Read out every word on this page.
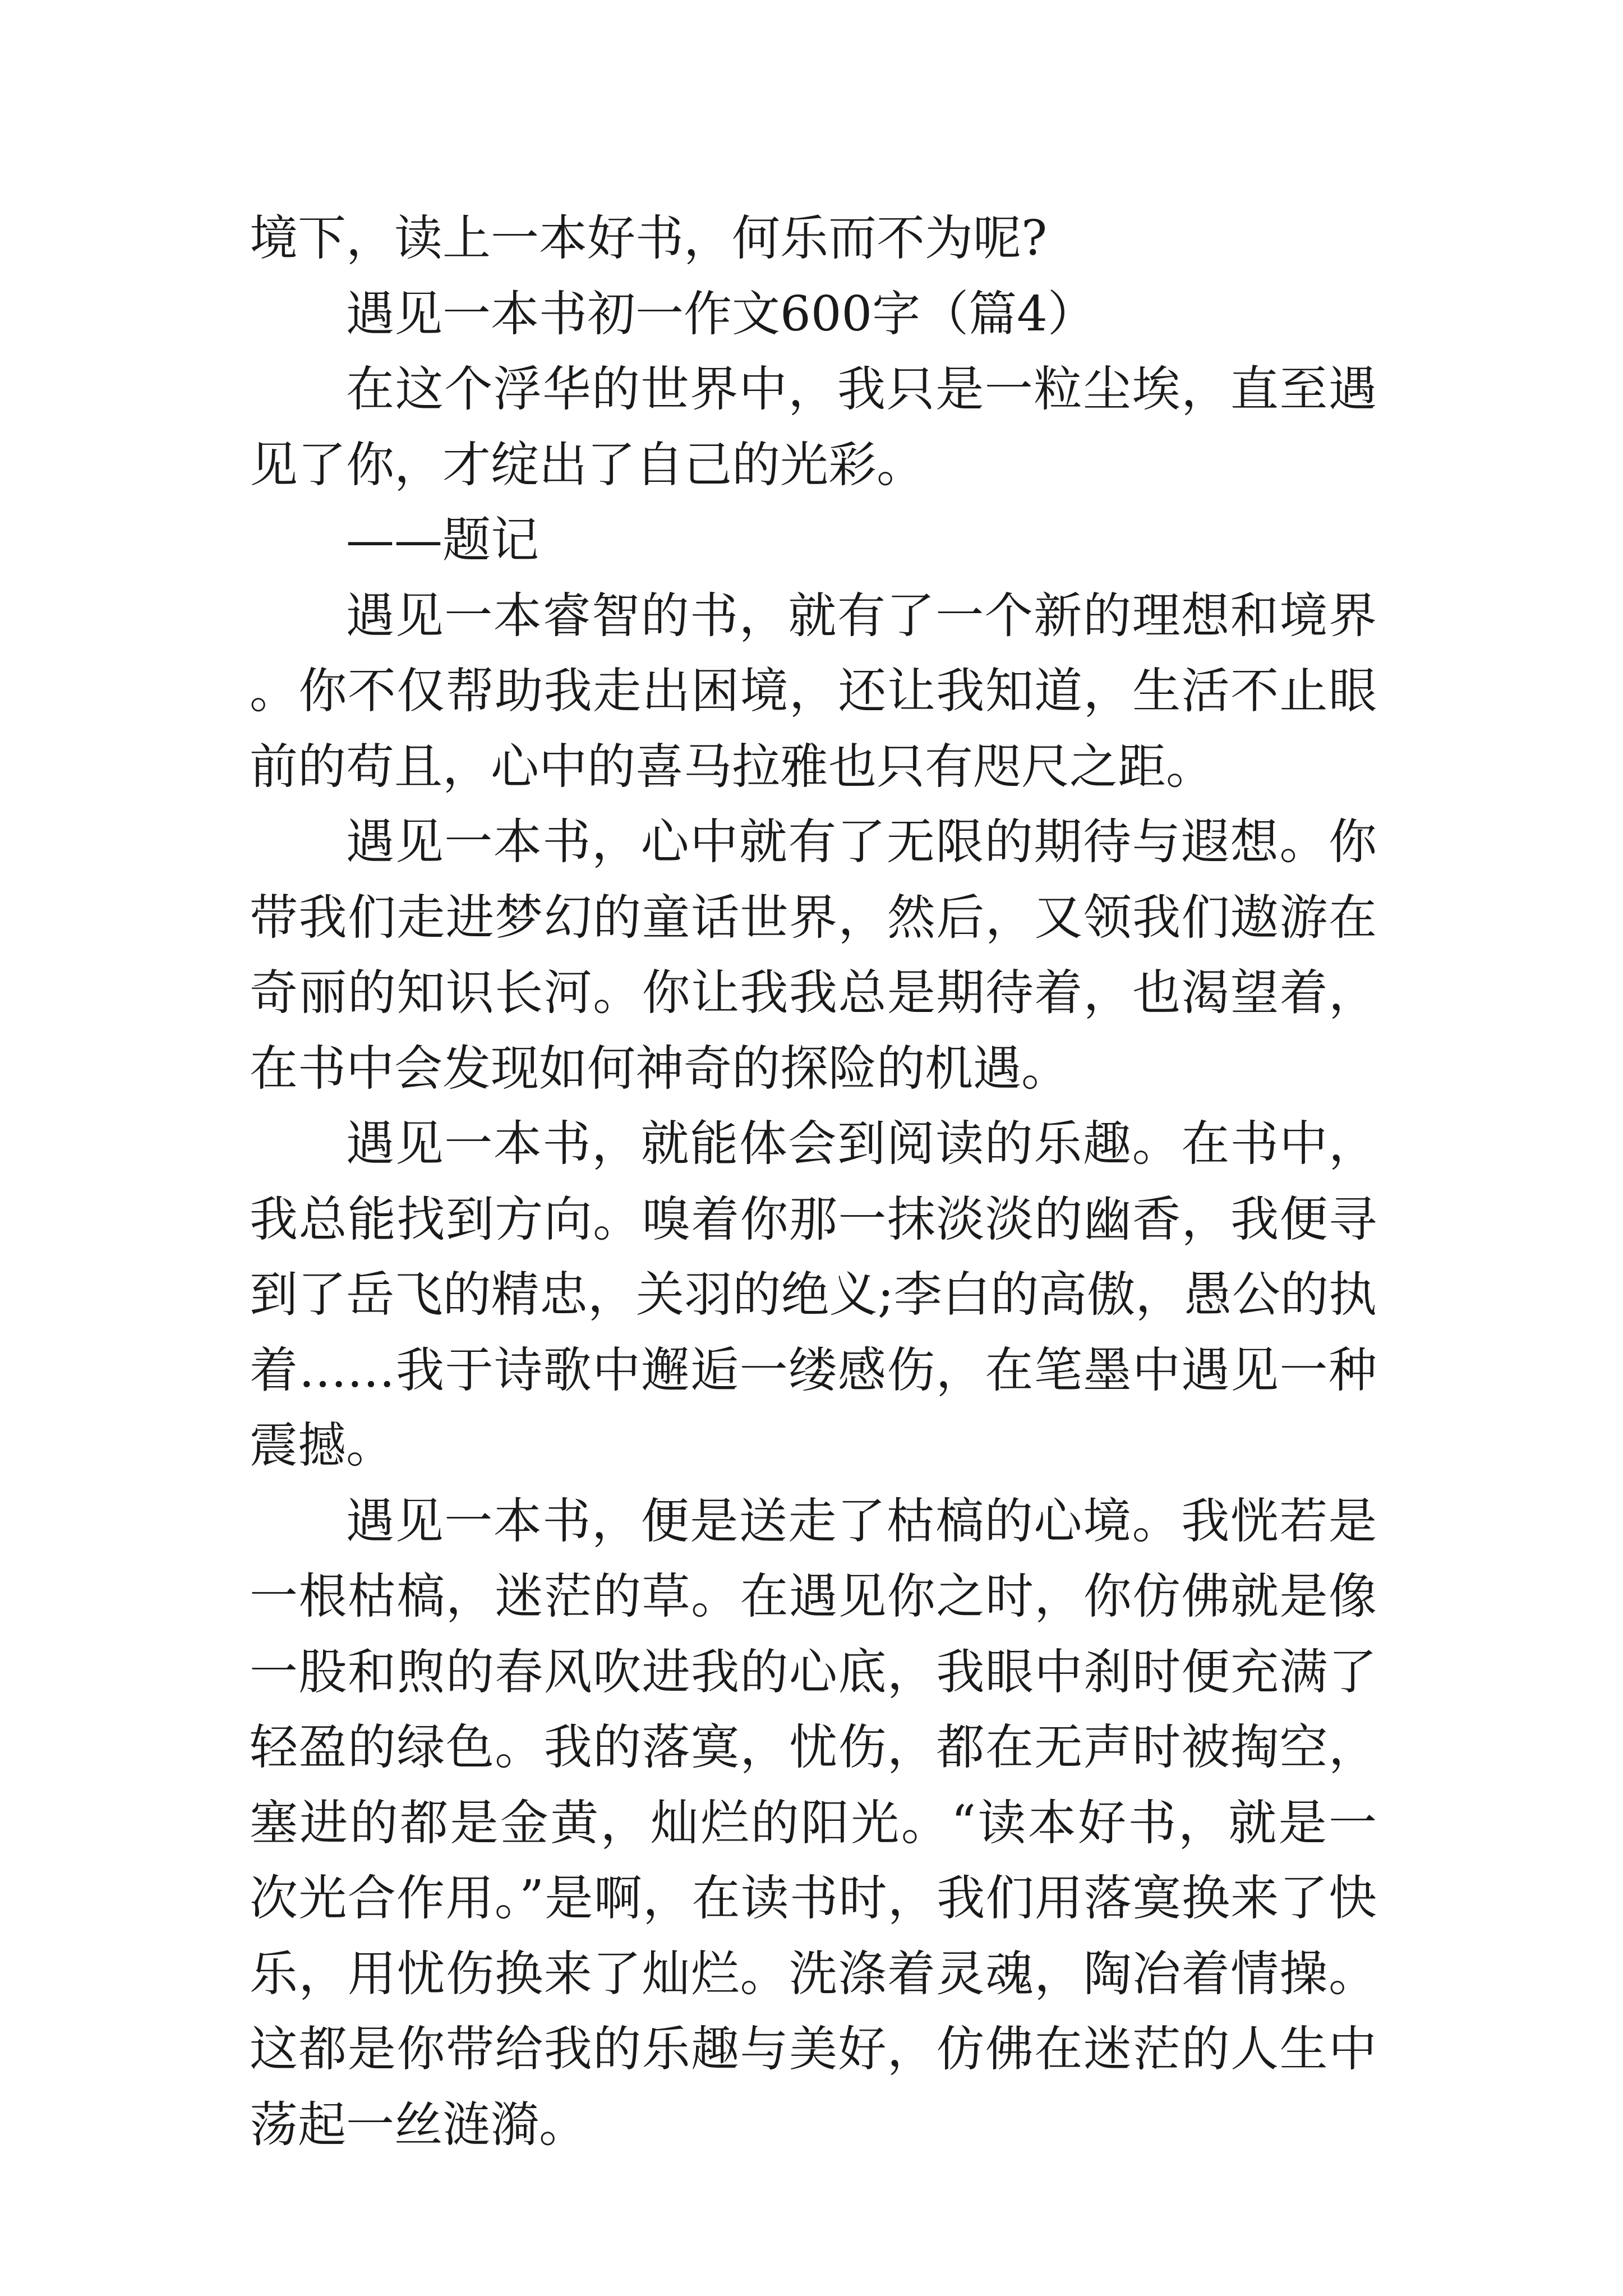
境下，读上一本好书，何乐而不为呢?

遇见一本书初一作文600字（篇4）

在这个浮华的世界中，我只是一粒尘埃，直至遇见了你，才绽出了自己的光彩。

——题记

遇见一本睿智的书，就有了一个新的理想和境界。你不仅帮助我走出困境，还让我知道，生活不止眼前的苟且，心中的喜马拉雅也只有咫尺之距。

遇见一本书，心中就有了无限的期待与遐想。你带我们走进梦幻的童话世界，然后，又领我们遨游在奇丽的知识长河。你让我我总是期待着，也渴望着，在书中会发现如何神奇的探险的机遇。

遇见一本书，就能体会到阅读的乐趣。在书中，我总能找到方向。嗅着你那一抹淡淡的幽香，我便寻到了岳飞的精忠，关羽的绝义;李白的高傲，愚公的执着……我于诗歌中邂逅一缕感伤，在笔墨中遇见一种震撼。

遇见一本书，便是送走了枯槁的心境。我恍若是一根枯槁，迷茫的草。在遇见你之时，你仿佛就是像一股和煦的春风吹进我的心底，我眼中刹时便充满了轻盈的绿色。我的落寞，忧伤，都在无声时被掏空，塞进的都是金黄，灿烂的阳光。“读本好书，就是一次光合作用。”是啊，在读书时，我们用落寞换来了快乐，用忧伤换来了灿烂。洗涤着灵魂，陶冶着情操。这都是你带给我的乐趣与美好，仿佛在迷茫的人生中荡起一丝涟漪。
